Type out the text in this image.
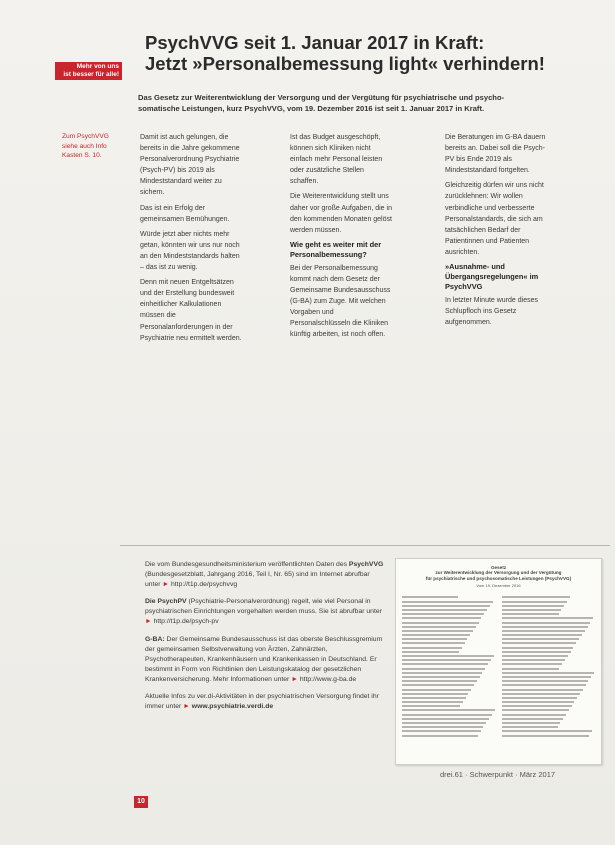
PsychVVG seit 1. Januar 2017 in Kraft:
Jetzt »Personalbemessung light« verhindern!
Mehr von uns
ist besser für alle!
Das Gesetz zur Weiterentwicklung der Versorgung und der Vergütung für psychiatrische und psycho-
somatische Leistungen, kurz PsychVVG, vom 19. Dezember 2016 ist seit 1. Januar 2017 in Kraft.
Zum PsychVVG
siehe auch Info
Kasten S. 10.

Damit ist auch gelungen, die bereits in die Jahre gekommene Personalverordnung Psychiatrie (Psych-PV) bis 2019 als Mindeststandard weiter zu sichern.

Das ist ein Erfolg der gemeinsamen Bemühungen.

Würde jetzt aber nichts mehr getan, könnten wir uns nur noch an den Mindeststandards halten – das ist zu wenig.

Denn mit neuen Entgeltsätzen und der Erstellung bundesweit einheitlicher Kalkulationen müssen die Personalanforderungen in der Psychiatrie neu ermittelt werden.

Ist das Budget ausgeschöpft, können sich Kliniken nicht einfach mehr Personal leisten oder zusätzliche Stellen schaffen.

Die Weiterentwicklung stellt uns daher vor große Aufgaben, die in den kommenden Monaten gelöst werden müssen.

Wie geht es weiter mit der Personalbemessung?

Bei der Personalbemessung kommt nach dem Gesetz der Gemeinsame Bundesausschuss (G-BA) zum Zuge. Mit welchen Vorgaben und Personalschlüsseln die Kliniken künftig arbeiten, ist noch offen.

Die Beratungen im G-BA dauern bereits an. Dabei soll die Psych-PV bis Ende 2019 als Mindeststandard fortgelten.

Gleichzeitig dürfen wir uns nicht zurücklehnen: Wir wollen verbindliche und verbesserte Personalstandards, die sich am tatsächlichen Bedarf der Patientinnen und Patienten ausrichten.

»Ausnahme- und Übergangsregelungen« im PsychVVG

In letzter Minute wurde dieses Schlupfloch ins Gesetz aufgenommen.

Die vom Bundesgesundheitsministerium veröffentlichten Daten des PsychVVG (Bundesgesetzblatt, Jahrgang 2016, Teil I, Nr. 65) sind im Internet abrufbar unter ► http://t1p.de/psychvvg

Die PsychPV (Psychiatrie-Personalverordnung) regelt, wie viel Personal in psychiatrischen Einrichtungen vorgehalten werden muss. Sie ist abrufbar unter ► http://t1p.de/psych-pv

G-BA: Der Gemeinsame Bundesausschuss ist das oberste Beschlussgremium der gemeinsamen Selbstverwaltung von Ärzten, Zahnärzten, Psychotherapeuten, Krankenhäusern und Krankenkassen in Deutschland. Er bestimmt in Form von Richtlinien den Leistungskatalog der gesetzlichen Krankenversicherung. Mehr Informationen unter ► http://www.g-ba.de

Aktuelle Infos zu ver.di-Aktivitäten in der psychiatrischen Versorgung findet ihr immer unter ► www.psychiatrie.verdi.de

Gesetz
zur Weiterentwicklung der Versorgung und der Vergütung
für psychiatrische und psychosomatische Leistungen (PsychVVG)
Vom 19. Dezember 2016
drei.61 · Schwerpunkt · März 2017
10
